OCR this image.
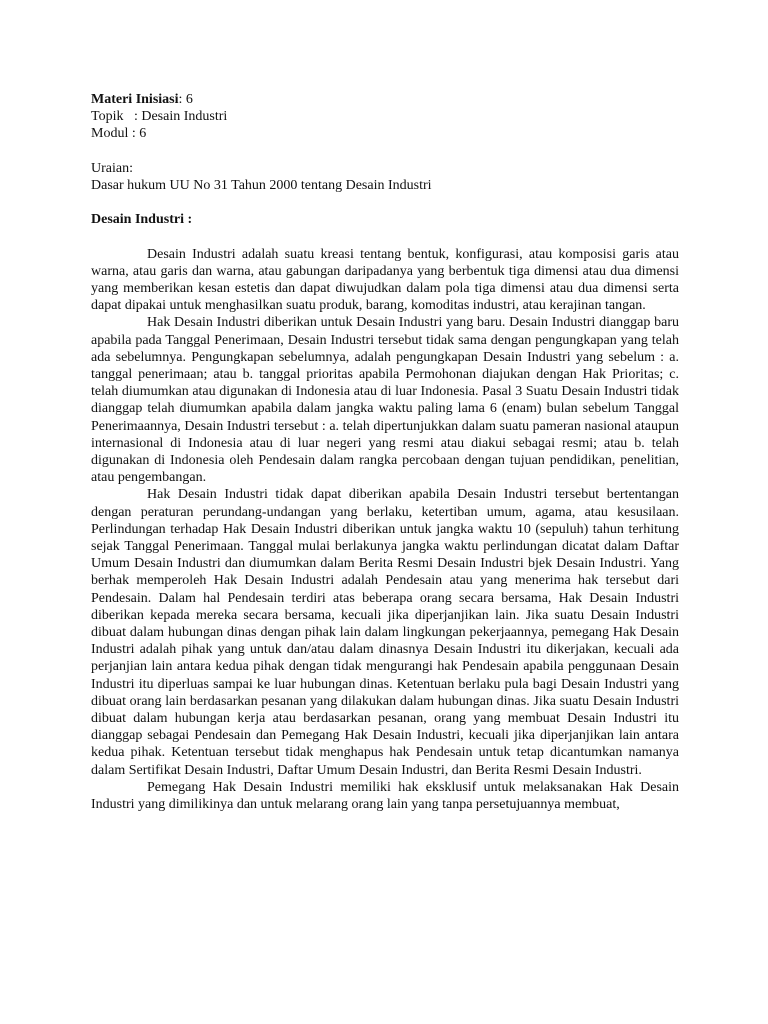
Materi Inisiasi: 6

Topik   : Desain Industri

Modul : 6

Uraian:

Dasar hukum UU No 31 Tahun 2000 tentang Desain Industri

Desain Industri :

Desain Industri adalah suatu kreasi tentang bentuk, konfigurasi, atau komposisi garis atau warna, atau garis dan warna, atau gabungan daripadanya yang berbentuk tiga dimensi atau dua dimensi yang memberikan kesan estetis dan dapat diwujudkan dalam pola tiga dimensi atau dua dimensi serta dapat dipakai untuk menghasilkan suatu produk, barang, komoditas industri, atau kerajinan tangan.

Hak Desain Industri diberikan untuk Desain Industri yang baru. Desain Industri dianggap baru apabila pada Tanggal Penerimaan, Desain Industri tersebut tidak sama dengan pengungkapan yang telah ada sebelumnya. Pengungkapan sebelumnya, adalah pengungkapan Desain Industri yang sebelum : a. tanggal penerimaan; atau b. tanggal prioritas apabila Permohonan diajukan dengan Hak Prioritas; c. telah diumumkan atau digunakan di Indonesia atau di luar Indonesia. Pasal 3 Suatu Desain Industri tidak dianggap telah diumumkan apabila dalam jangka waktu paling lama 6 (enam) bulan sebelum Tanggal Penerimaannya, Desain Industri tersebut : a. telah dipertunjukkan dalam suatu pameran nasional ataupun internasional di Indonesia atau di luar negeri yang resmi atau diakui sebagai resmi; atau b. telah digunakan di Indonesia oleh Pendesain dalam rangka percobaan dengan tujuan pendidikan, penelitian, atau pengembangan.

Hak Desain Industri tidak dapat diberikan apabila Desain Industri tersebut bertentangan dengan peraturan perundang-undangan yang berlaku, ketertiban umum, agama, atau kesusilaan. Perlindungan terhadap Hak Desain Industri diberikan untuk jangka waktu 10 (sepuluh) tahun terhitung sejak Tanggal Penerimaan. Tanggal mulai berlakunya jangka waktu perlindungan dicatat dalam Daftar Umum Desain Industri dan diumumkan dalam Berita Resmi Desain Industri bjek Desain Industri. Yang berhak memperoleh Hak Desain Industri adalah Pendesain atau yang menerima hak tersebut dari Pendesain. Dalam hal Pendesain terdiri atas beberapa orang secara bersama, Hak Desain Industri diberikan kepada mereka secara bersama, kecuali jika diperjanjikan lain. Jika suatu Desain Industri dibuat dalam hubungan dinas dengan pihak lain dalam lingkungan pekerjaannya, pemegang Hak Desain Industri adalah pihak yang untuk dan/atau dalam dinasnya Desain Industri itu dikerjakan, kecuali ada perjanjian lain antara kedua pihak dengan tidak mengurangi hak Pendesain apabila penggunaan Desain Industri itu diperluas sampai ke luar hubungan dinas. Ketentuan berlaku pula bagi Desain Industri yang dibuat orang lain berdasarkan pesanan yang dilakukan dalam hubungan dinas. Jika suatu Desain Industri dibuat dalam hubungan kerja atau berdasarkan pesanan, orang yang membuat Desain Industri itu dianggap sebagai Pendesain dan Pemegang Hak Desain Industri, kecuali jika diperjanjikan lain antara kedua pihak. Ketentuan tersebut tidak menghapus hak Pendesain untuk tetap dicantumkan namanya dalam Sertifikat Desain Industri, Daftar Umum Desain Industri, dan Berita Resmi Desain Industri.

Pemegang Hak Desain Industri memiliki hak eksklusif untuk melaksanakan Hak Desain Industri yang dimilikinya dan untuk melarang orang lain yang tanpa persetujuannya membuat,
